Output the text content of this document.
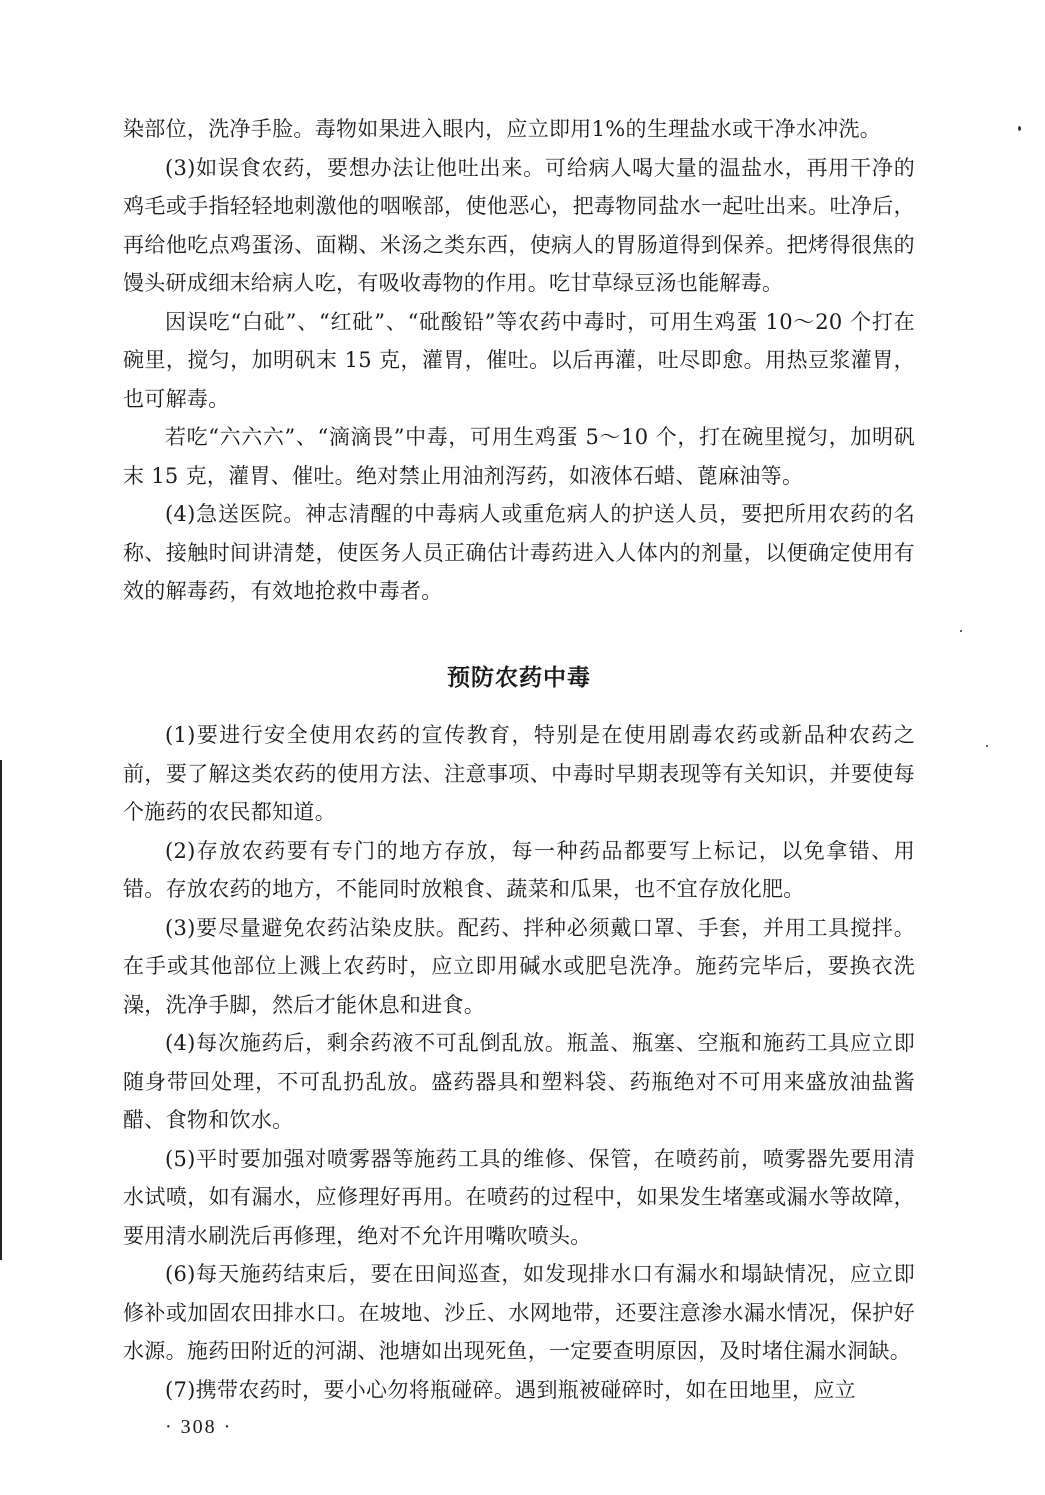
染部位，洗净手脸。毒物如果进入眼内，应立即用1%的生理盐水或干净水冲洗。

(3)如误食农药，要想办法让他吐出来。可给病人喝大量的温盐水，再用干净的鸡毛或手指轻轻地刺激他的咽喉部，使他恶心，把毒物同盐水一起吐出来。吐净后，再给他吃点鸡蛋汤、面糊、米汤之类东西，使病人的胃肠道得到保养。把烤得很焦的馒头研成细末给病人吃，有吸收毒物的作用。吃甘草绿豆汤也能解毒。

因误吃“白砒”、“红砒”、“砒酸铅”等农药中毒时，可用生鸡蛋 10～20 个打在碗里，搅匀，加明矾末 15 克，灌胃，催吐。以后再灌，吐尽即愈。用热豆浆灌胃，也可解毒。

若吃“六六六”、“滴滴畏”中毒，可用生鸡蛋 5～10 个，打在碗里搅匀，加明矾末 15 克，灌胃、催吐。绝对禁止用油剂泻药，如液体石蜡、蓖麻油等。

(4)急送医院。神志清醒的中毒病人或重危病人的护送人员，要把所用农药的名称、接触时间讲清楚，使医务人员正确估计毒药进入人体内的剂量，以便确定使用有效的解毒药，有效地抢救中毒者。

预防农药中毒

(1)要进行安全使用农药的宣传教育，特别是在使用剧毒农药或新品种农药之前，要了解这类农药的使用方法、注意事项、中毒时早期表现等有关知识，并要使每个施药的农民都知道。

(2)存放农药要有专门的地方存放，每一种药品都要写上标记，以免拿错、用错。存放农药的地方，不能同时放粮食、蔬菜和瓜果，也不宜存放化肥。

(3)要尽量避免农药沾染皮肤。配药、拌种必须戴口罩、手套，并用工具搅拌。在手或其他部位上溅上农药时，应立即用碱水或肥皂洗净。施药完毕后，要换衣洗澡，洗净手脚，然后才能休息和进食。

(4)每次施药后，剩余药液不可乱倒乱放。瓶盖、瓶塞、空瓶和施药工具应立即随身带回处理，不可乱扔乱放。盛药器具和塑料袋、药瓶绝对不可用来盛放油盐酱醋、食物和饮水。

(5)平时要加强对喷雾器等施药工具的维修、保管，在喷药前，喷雾器先要用清水试喷，如有漏水，应修理好再用。在喷药的过程中，如果发生堵塞或漏水等故障，要用清水刷洗后再修理，绝对不允许用嘴吹喷头。

(6)每天施药结束后，要在田间巡查，如发现排水口有漏水和塌缺情况，应立即修补或加固农田排水口。在坡地、沙丘、水网地带，还要注意渗水漏水情况，保护好水源。施药田附近的河湖、池塘如出现死鱼，一定要查明原因，及时堵住漏水洞缺。

(7)携带农药时，要小心勿将瓶碰碎。遇到瓶被碰碎时，如在田地里，应立

· 308 ·
